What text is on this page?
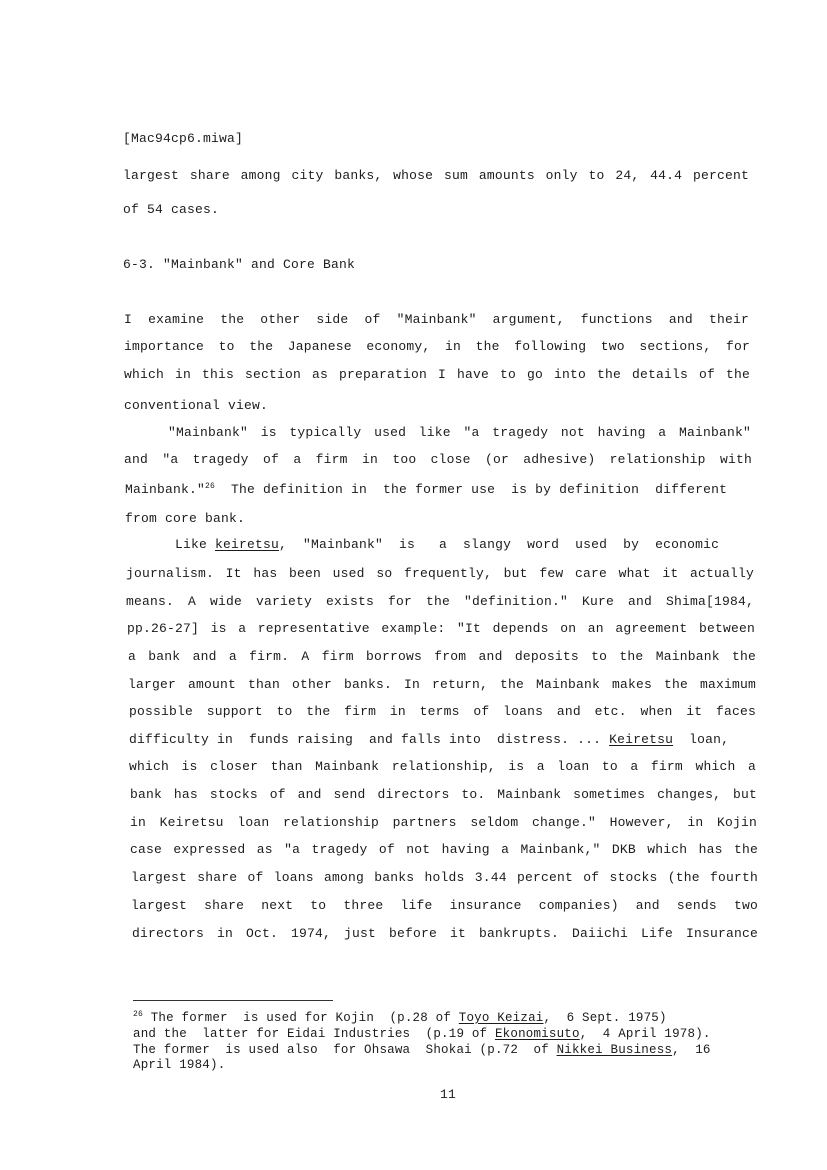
[Mac94cp6.miwa]
largest share among city banks, whose sum amounts only to 24, 44.4 percent
of 54 cases.
6-3. "Mainbank" and Core Bank
I examine the other side of "Mainbank" argument, functions and their
importance to the Japanese economy, in the following two sections, for
which in this section as preparation I have to go into the details of the
conventional view.
"Mainbank" is typically used like "a tragedy not having a Mainbank"
and "a tragedy of a firm in too close (or adhesive) relationship with
Mainbank."$^{26}$  The definition in  the former use  is by definition  different
from core bank.
Like keiretsu,  "Mainbank"  is   a  slangy  word  used  by  economic
journalism. It has been used so frequently, but few care what it actually
means. A wide variety exists for the "definition." Kure and Shima[1984,
pp.26-27] is a representative example: "It depends on an agreement between
a bank and a firm. A firm borrows from and deposits to the Mainbank the
larger amount than other banks. In return, the Mainbank makes the maximum
possible support to the firm in terms of loans and etc. when it faces
difficulty in  funds raising  and falls into  distress. ... Keiretsu  loan,
which is closer than Mainbank relationship, is a loan to a firm which a
bank has stocks of and send directors to. Mainbank sometimes changes, but
in Keiretsu loan relationship partners seldom change." However, in Kojin
case expressed as "a tragedy of not having a Mainbank," DKB which has the
largest share of loans among banks holds 3.44 percent of stocks (the fourth
largest share next to three life insurance companies) and sends two
directors in Oct. 1974, just before it bankrupts. Daiichi Life Insurance
$^{26}$ The former  is used for Kojin  (p.28 of Toyo Keizai,  6 Sept. 1975)
and the  latter for Eidai Industries  (p.19 of Ekonomisuto,  4 April 1978).
The former  is used also  for Ohsawa  Shokai (p.72  of Nikkei Business,  16
April 1984).
11
